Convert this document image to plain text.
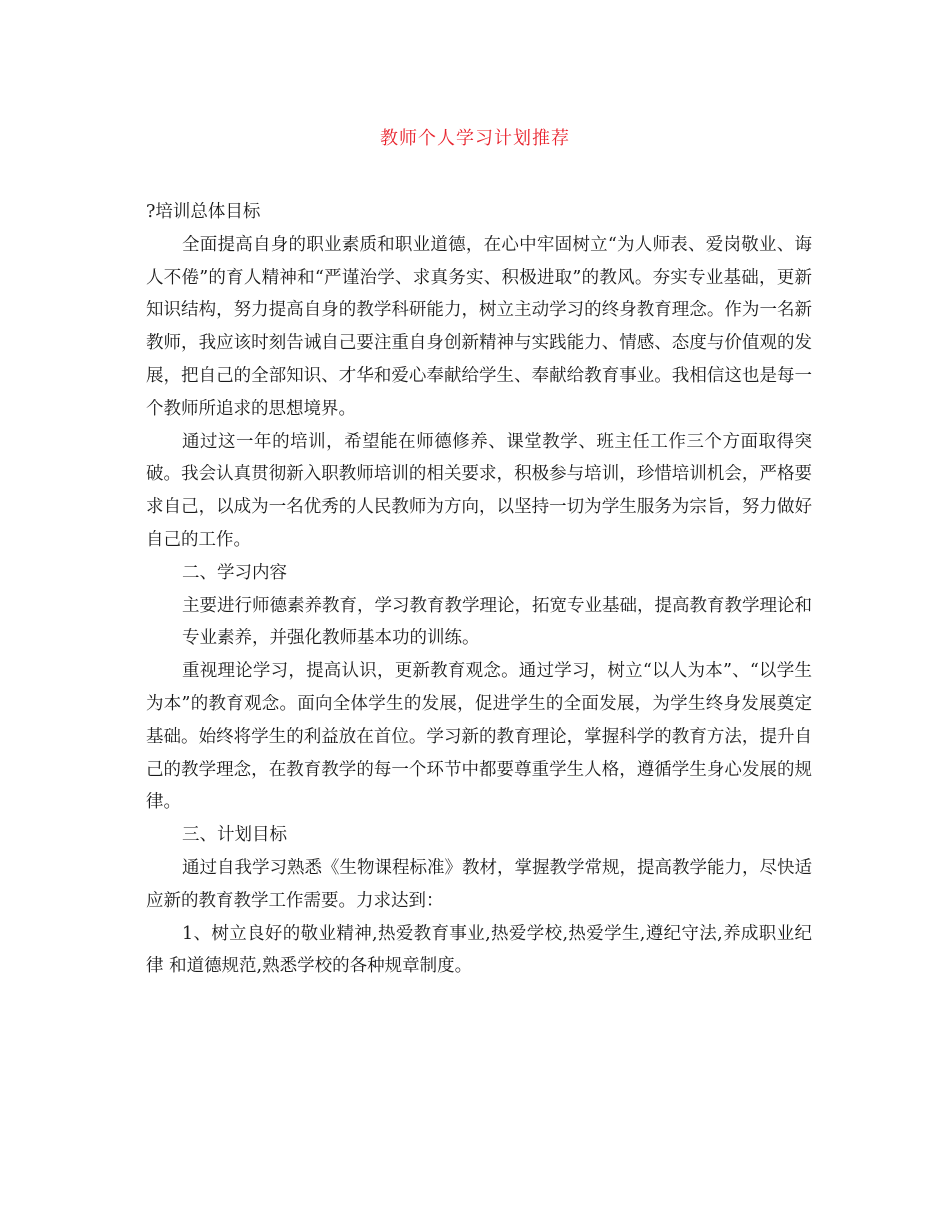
教师个人学习计划推荐

?培训总体目标

全面提高自身的职业素质和职业道德，在心中牢固树立“为人师表、爱岗敬业、诲人不倦”的育人精神和“严谨治学、求真务实、积极进取”的教风。夯实专业基础，更新知识结构，努力提高自身的教学科研能力，树立主动学习的终身教育理念。作为一名新教师，我应该时刻告诫自己要注重自身创新精神与实践能力、情感、态度与价值观的发展，把自己的全部知识、才华和爱心奉献给学生、奉献给教育事业。我相信这也是每一个教师所追求的思想境界。

通过这一年的培训，希望能在师德修养、课堂教学、班主任工作三个方面取得突破。我会认真贯彻新入职教师培训的相关要求，积极参与培训，珍惜培训机会，严格要求自己，以成为一名优秀的人民教师为方向，以坚持一切为学生服务为宗旨，努力做好自己的工作。

二、学习内容

主要进行师德素养教育，学习教育教学理论，拓宽专业基础，提高教育教学理论和

专业素养，并强化教师基本功的训练。

重视理论学习，提高认识，更新教育观念。通过学习，树立“以人为本”、“以学生为本”的教育观念。面向全体学生的发展，促进学生的全面发展，为学生终身发展奠定基础。始终将学生的利益放在首位。学习新的教育理论，掌握科学的教育方法，提升自己的教学理念，在教育教学的每一个环节中都要尊重学生人格，遵循学生身心发展的规律。

三、计划目标

通过自我学习熟悉《生物课程标准》教材，掌握教学常规，提高教学能力，尽快适应新的教育教学工作需要。力求达到：

1、树立良好的敬业精神,热爱教育事业,热爱学校,热爱学生,遵纪守法,养成职业纪律 和道德规范,熟悉学校的各种规章制度。
